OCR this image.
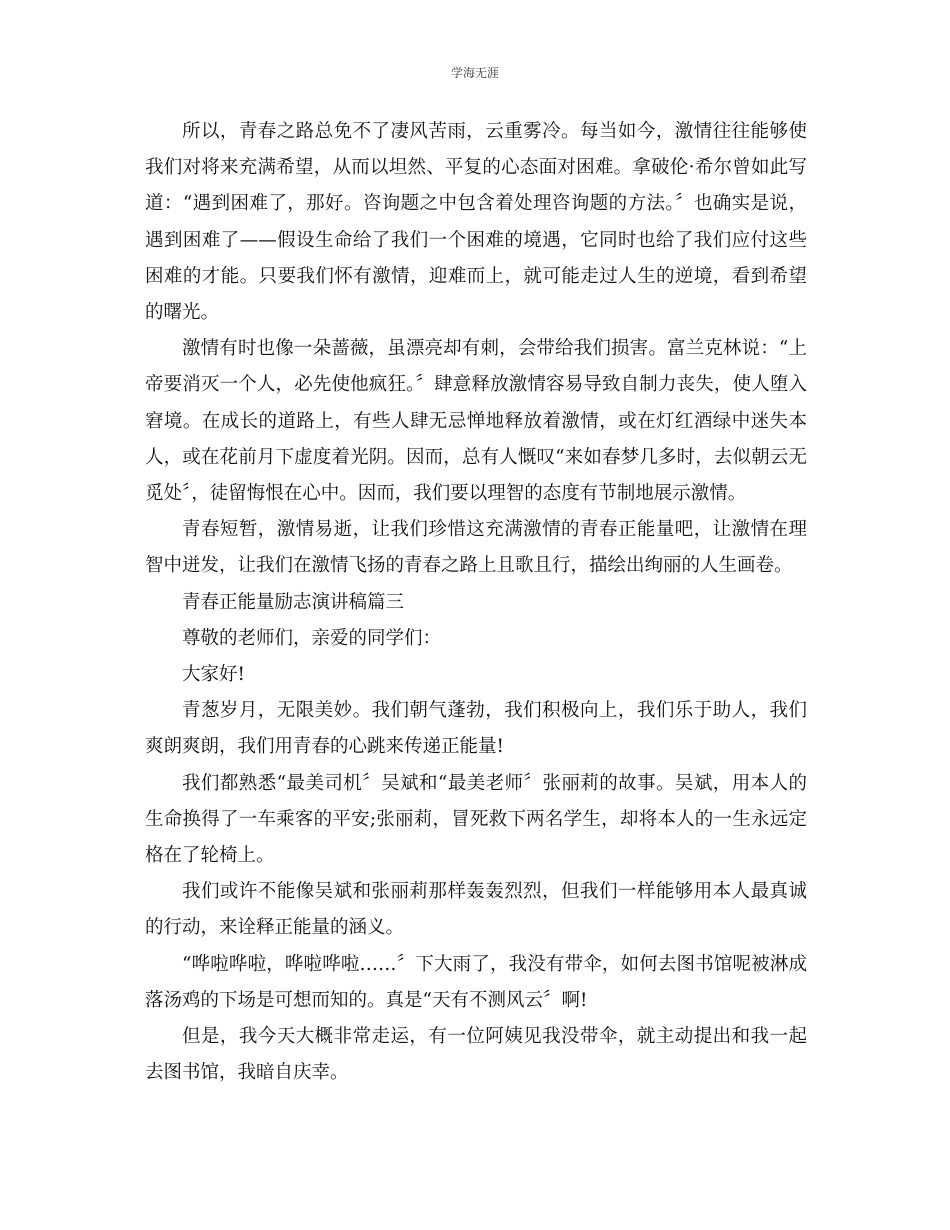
学海无涯

所以，青春之路总免不了凄风苦雨，云重雾冷。每当如今，激情往往能够使我们对将来充满希望，从而以坦然、平复的心态面对困难。拿破伦·希尔曾如此写道：“遇到困难了，那好。咨询题之中包含着处理咨询题的方法。〞也确实是说，遇到困难了——假设生命给了我们一个困难的境遇，它同时也给了我们应付这些困难的才能。只要我们怀有激情，迎难而上，就可能走过人生的逆境，看到希望的曙光。

激情有时也像一朵蔷薇，虽漂亮却有刺，会带给我们损害。富兰克林说：“上帝要消灭一个人，必先使他疯狂。〞肆意释放激情容易导致自制力丧失，使人堕入窘境。在成长的道路上，有些人肆无忌惮地释放着激情，或在灯红酒绿中迷失本人，或在花前月下虚度着光阴。因而，总有人慨叹“来如春梦几多时，去似朝云无觅处〞，徒留悔恨在心中。因而，我们要以理智的态度有节制地展示激情。

青春短暂，激情易逝，让我们珍惜这充满激情的青春正能量吧，让激情在理智中迸发，让我们在激情飞扬的青春之路上且歌且行，描绘出绚丽的人生画卷。

青春正能量励志演讲稿篇三

尊敬的老师们，亲爱的同学们：

大家好!

青葱岁月，无限美妙。我们朝气蓬勃，我们积极向上，我们乐于助人，我们爽朗爽朗，我们用青春的心跳来传递正能量!

我们都熟悉“最美司机〞吴斌和“最美老师〞张丽莉的故事。吴斌，用本人的生命换得了一车乘客的平安;张丽莉，冒死救下两名学生，却将本人的一生永远定格在了轮椅上。

我们或许不能像吴斌和张丽莉那样轰轰烈烈，但我们一样能够用本人最真诚的行动，来诠释正能量的涵义。

“哗啦哗啦，哗啦哗啦……〞下大雨了，我没有带伞，如何去图书馆呢被淋成落汤鸡的下场是可想而知的。真是“天有不测风云〞啊!

但是，我今天大概非常走运，有一位阿姨见我没带伞，就主动提出和我一起去图书馆，我暗自庆幸。
